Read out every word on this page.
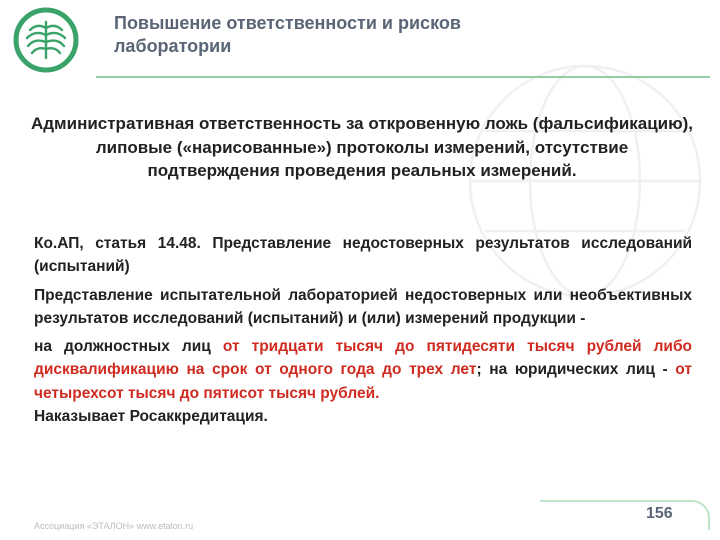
Повышение ответственности и рисков
лаборатории
Административная ответственность за откровенную ложь (фальсификацию), липовые («нарисованные») протоколы измерений, отсутствие подтверждения проведения реальных измерений.

Ко.АП, статья 14.48. Представление недостоверных результатов исследований (испытаний)

Представление испытательной лабораторией недостоверных или необъективных результатов исследований (испытаний) и (или) измерений продукции -

на должностных лиц от тридцати тысяч до пятидесяти тысяч рублей либо дисквалификацию на срок от одного года до трех лет; на юридических лиц - от четырехсот тысяч до пятисот тысяч рублей.

Наказывает Росаккредитация.

Ассоциация «ЭТАЛОН» www.etalon.ru
156
